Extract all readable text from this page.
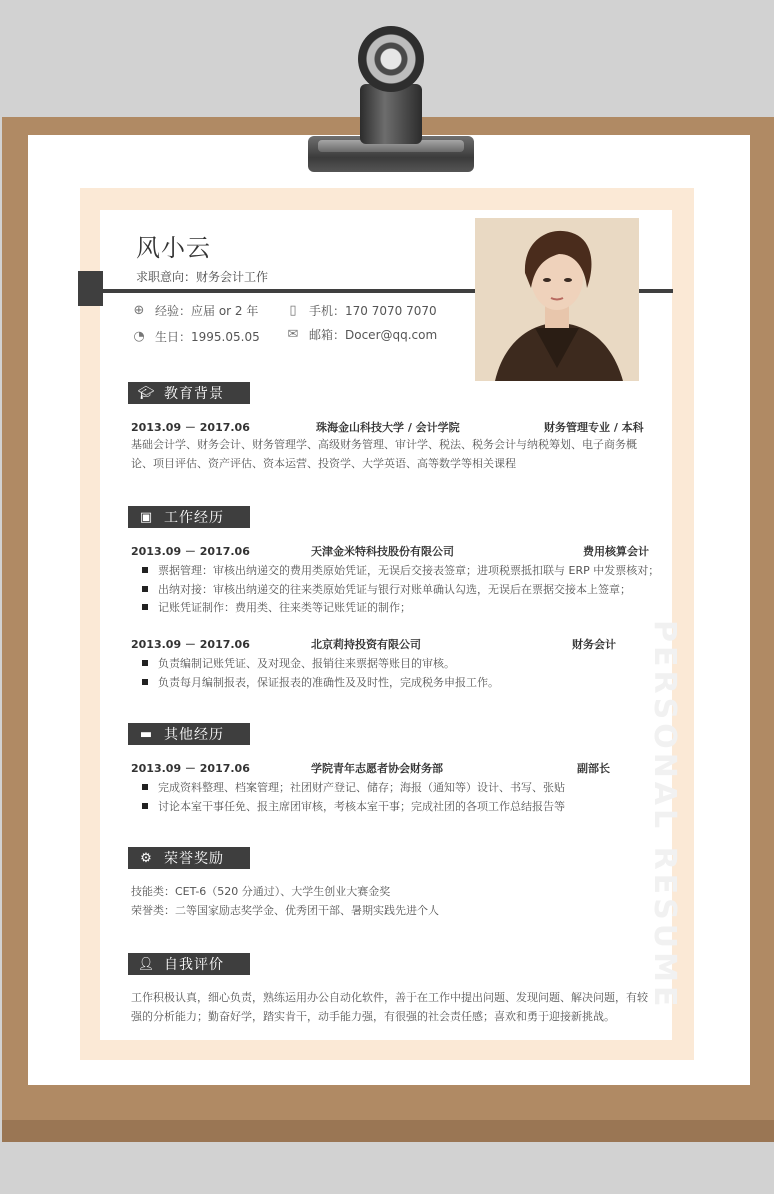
PERSONAL RESUME
风小云
求职意向：财务会计工作
⊕ 经验：应届 or 2 年	▯	手机：170 7070 7070
◔ 生日：1995.05.05 ✉ 邮箱：Docer@qq.com
🎓︎ 教育背景
2013.09 － 2017.06	珠海金山科技大学 / 会计学院	财务管理专业 / 本科
基础会计学、财务会计、财务管理学、高级财务管理、审计学、税法、税务会计与纳税筹划、电子商务概论、项目评估、资产评估、资本运营、投资学、大学英语、高等数学等相关课程
▣ 工作经历
2013.09 － 2017.06	天津金米特科技股份有限公司	费用核算会计
票据管理：审核出纳递交的费用类原始凭证，无误后交接表签章；进项税票抵扣联与 ERP 中发票核对；
出纳对接：审核出纳递交的往来类原始凭证与银行对账单确认勾选，无误后在票据交接本上签章；
记账凭证制作：费用类、往来类等记账凭证的制作；
2013.09 － 2017.06	北京莉持投资有限公司	财务会计
负责编制记账凭证、及对现金、报销往来票据等账目的审核。
负责每月编制报表，保证报表的准确性及及时性，完成税务申报工作。
▬ 其他经历
2013.09 － 2017.06	学院青年志愿者协会财务部	副部长
完成资料整理、档案管理；社团财产登记、储存；海报（通知等）设计、书写、张贴
讨论本室干事任免、报主席团审核，考核本室干事；完成社团的各项工作总结报告等
⚙ 荣誉奖励
技能类：CET-6（520 分通过）、大学生创业大赛金奖
荣誉类：二等国家励志奖学金、优秀团干部、暑期实践先进个人
👤︎ 自我评价
工作积极认真，细心负责，熟练运用办公自动化软件，善于在工作中提出问题、发现问题、解决问题，有较强的分析能力；勤奋好学，踏实肯干，动手能力强，有很强的社会责任感；喜欢和勇于迎接新挑战。
